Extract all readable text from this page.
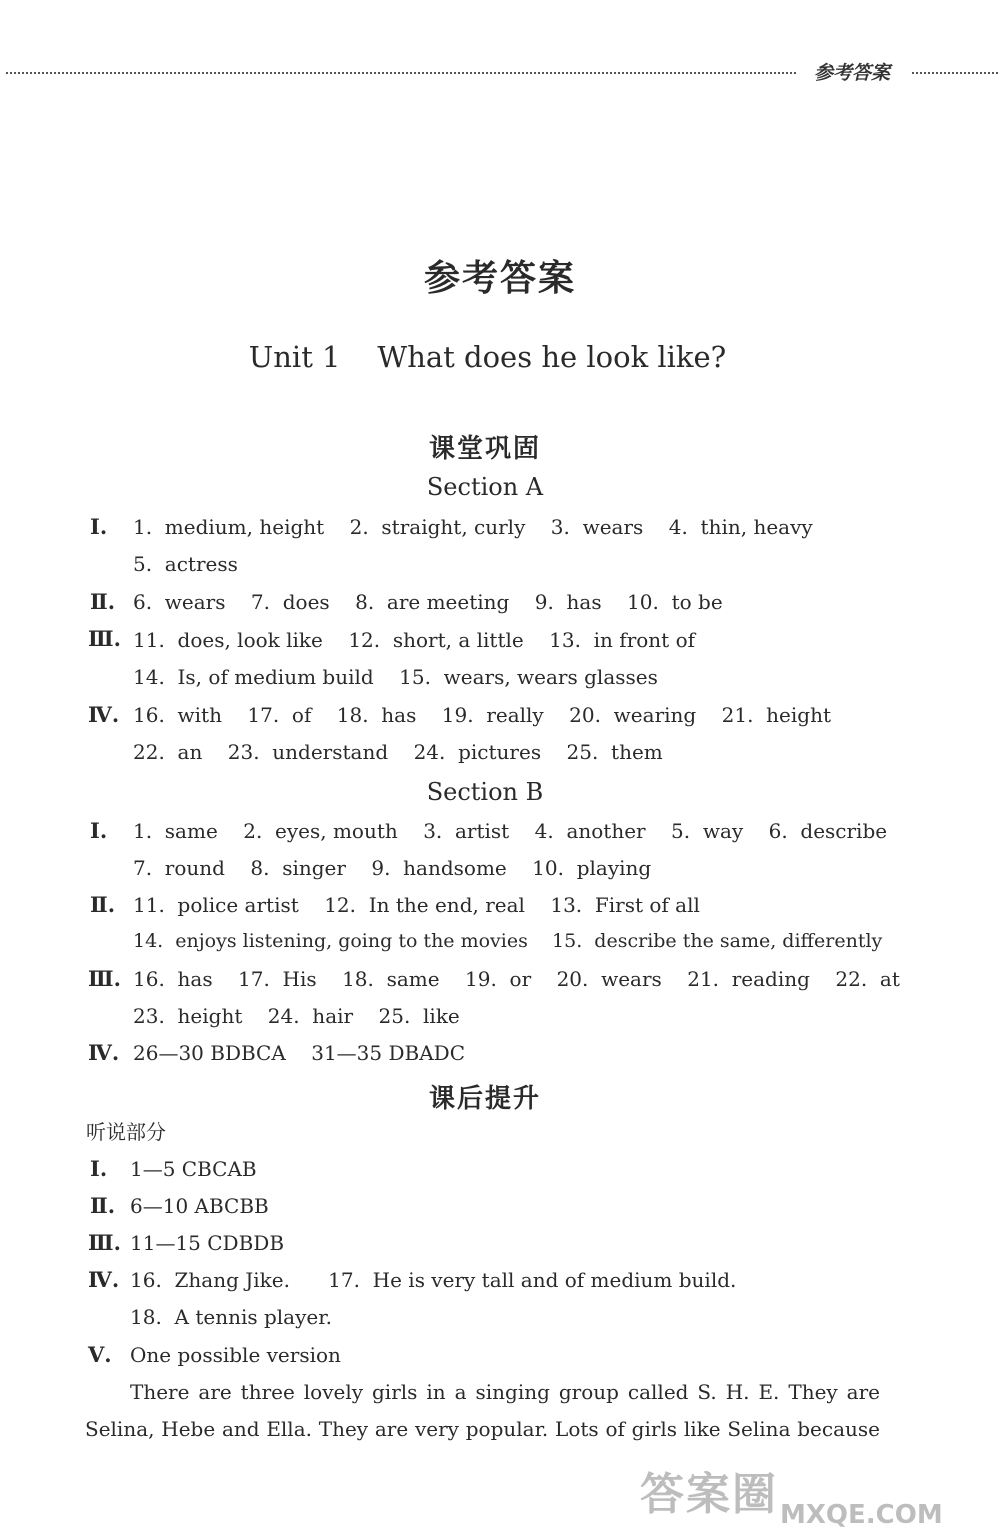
参考答案
参考答案
Unit 1    What does he look like?
课堂巩固
Section A
Ⅰ. 1.  medium, height    2.  straight, curly    3.  wears    4.  thin, heavy
5.  actress
Ⅱ. 6.  wears    7.  does    8.  are meeting    9.  has    10.  to be
Ⅲ. 11.  does, look like    12.  short, a little    13.  in front of
14.  Is, of medium build    15.  wears, wears glasses
Ⅳ. 16.  with    17.  of    18.  has    19.  really    20.  wearing    21.  height
22.  an    23.  understand    24.  pictures    25.  them
Section B
Ⅰ. 1.  same    2.  eyes, mouth    3.  artist    4.  another    5.  way    6.  describe
7.  round    8.  singer    9.  handsome    10.  playing
Ⅱ. 11.  police artist    12.  In the end, real    13.  First of all
14.  enjoys listening, going to the movies    15.  describe the same, differently
Ⅲ. 16.  has    17.  His    18.  same    19.  or    20.  wears    21.  reading    22.  at
23.  height    24.  hair    25.  like
Ⅳ. 26—30 BDBCA    31—35 DBADC
课后提升
听说部分
Ⅰ. 1—5 CBCAB
Ⅱ. 6—10 ABCBB
Ⅲ. 11—15 CDBDB
Ⅳ. 16.  Zhang Jike.      17.  He is very tall and of medium build.
18.  A tennis player.
Ⅴ. One possible version
There are three lovely girls in a singing group called S. H. E. They are
Selina, Hebe and Ella. They are very popular. Lots of girls like Selina because
答案圈 MXQE.COM
